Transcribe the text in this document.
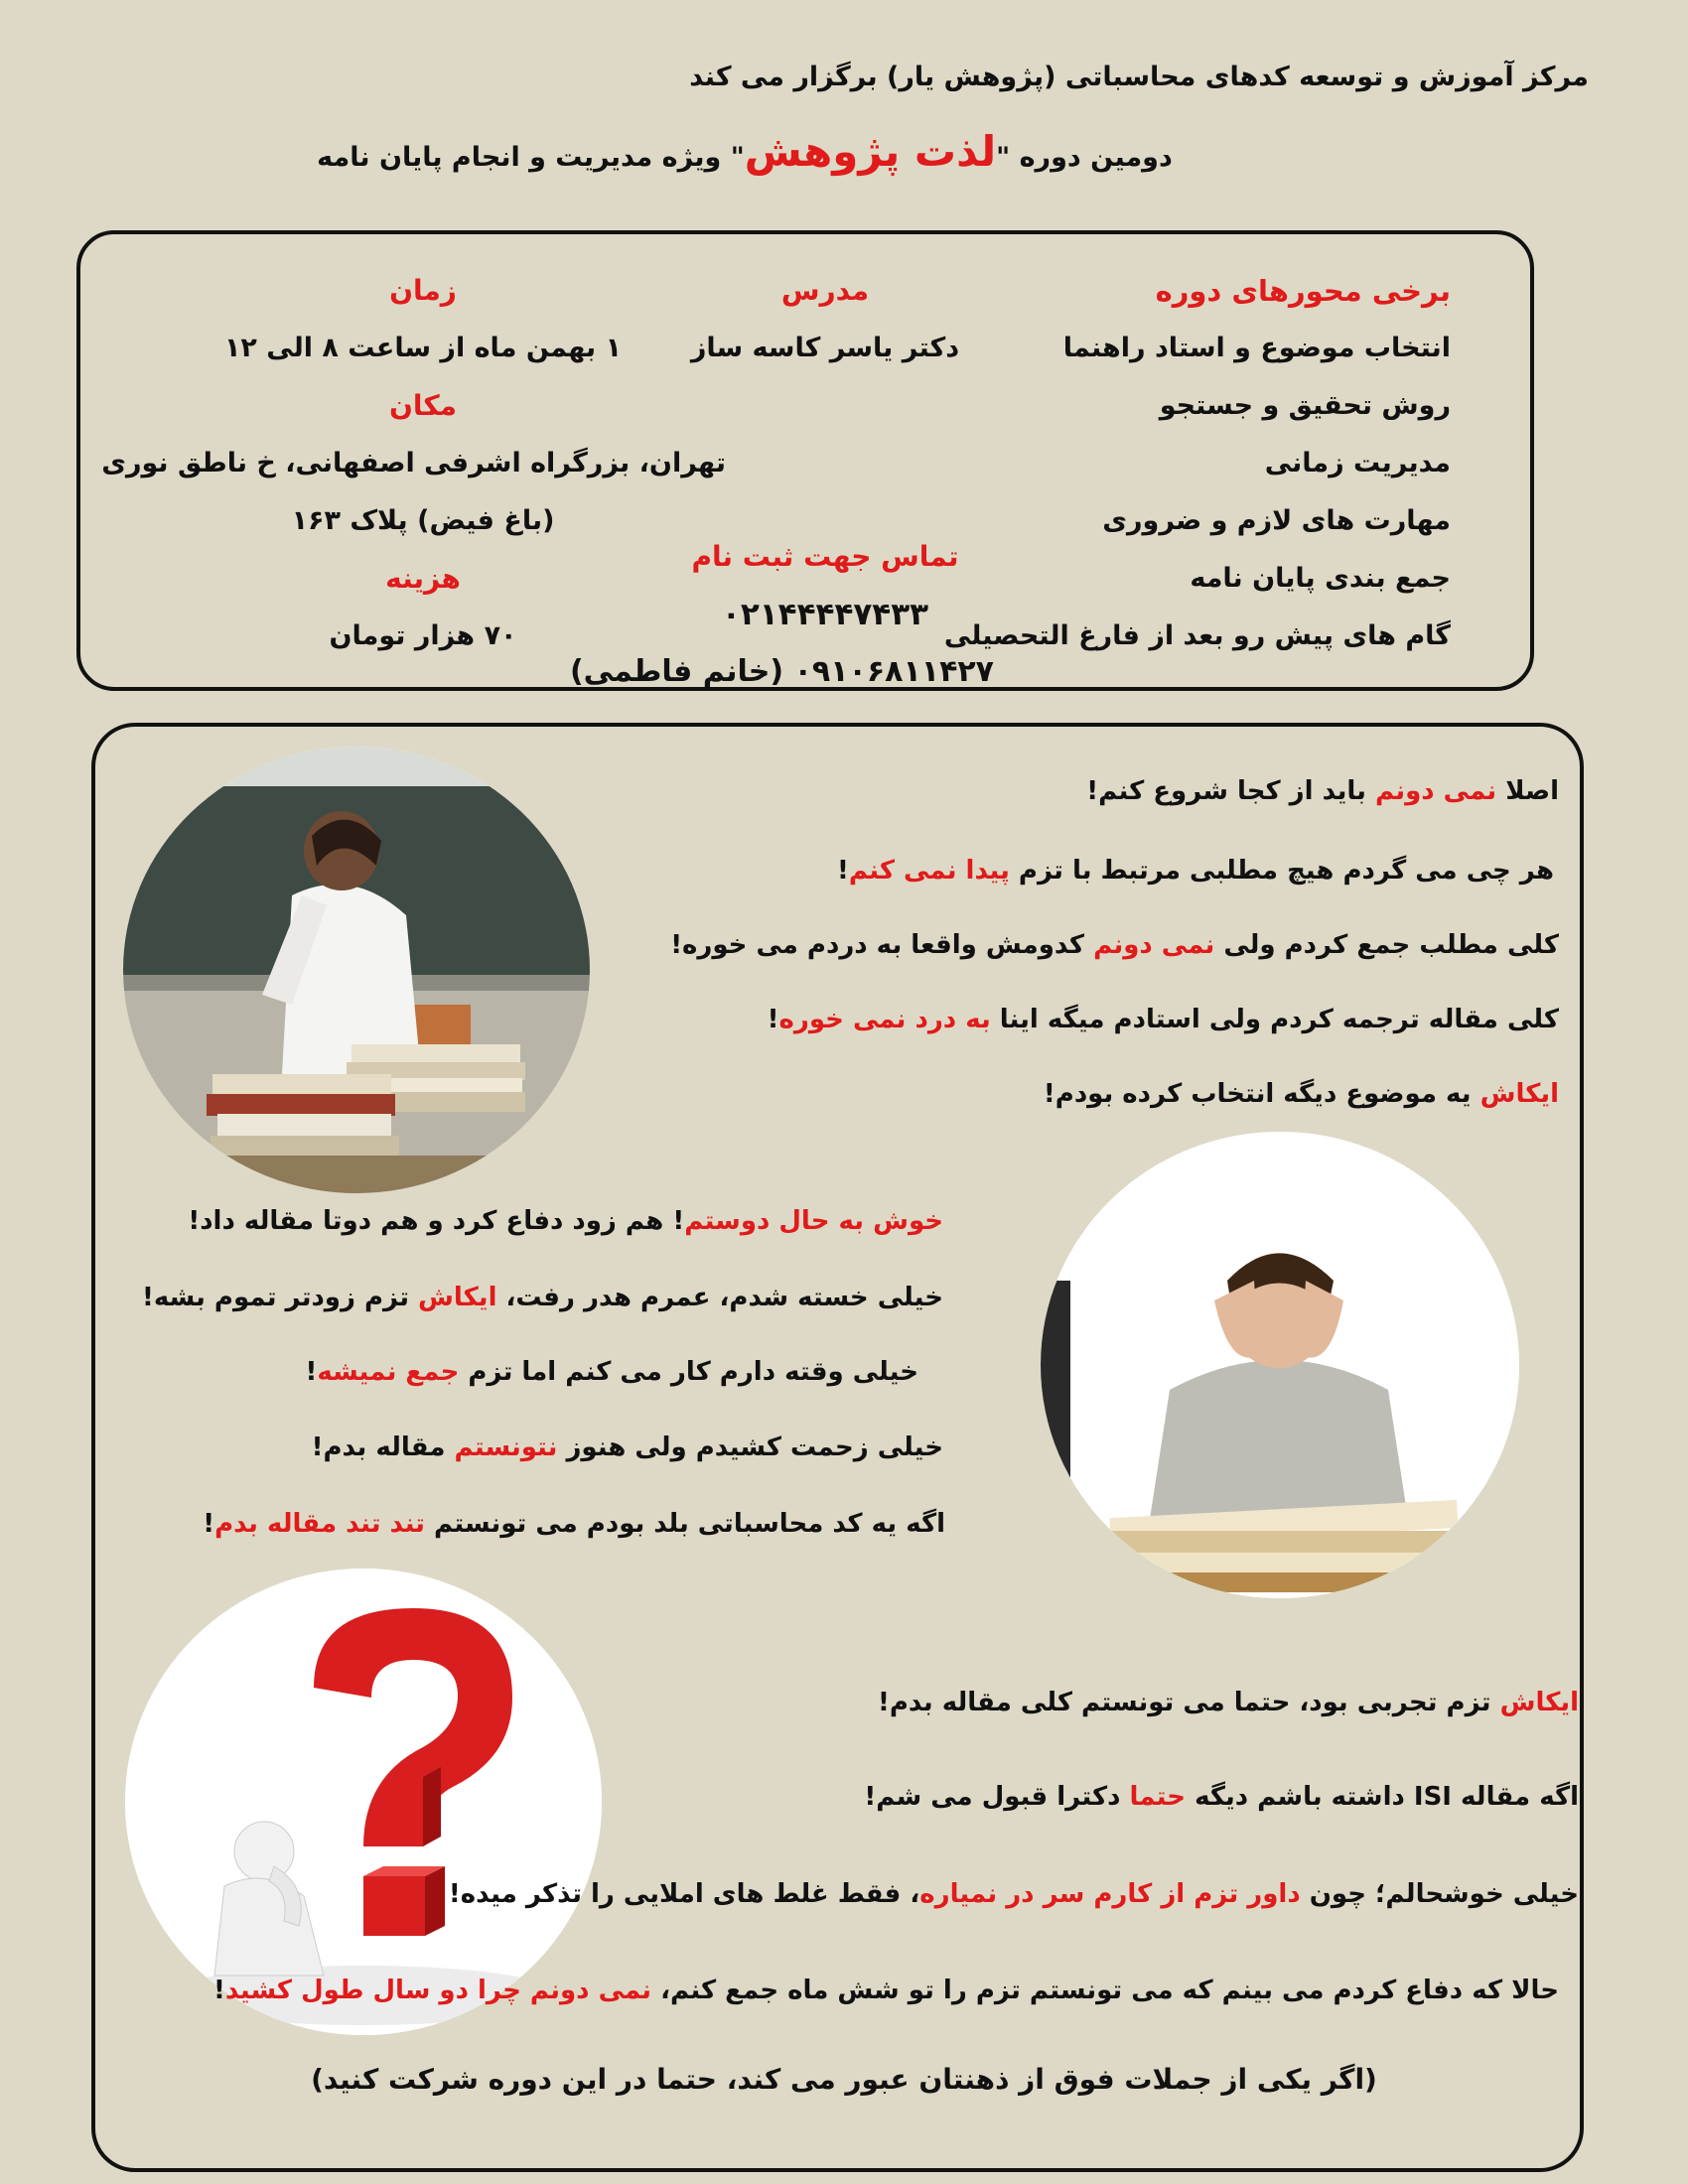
مرکز آموزش و توسعه کدهای محاسباتی (پژوهش یار) برگزار می کند
دومین دوره "لذت پژوهش" ویژه مدیریت و انجام پایان نامه
برخی محورهای دوره
انتخاب موضوع و استاد راهنما
روش تحقیق و جستجو
مدیریت زمانی
مهارت های لازم و ضروری
جمع بندی پایان نامه
گام های پیش رو بعد از فارغ التحصیلی
مدرس
دکتر یاسر کاسه ساز
تماس جهت ثبت نام
۰۲۱۴۴۴۴۷۴۳۳
۰۹۱۰۶۸۱۱۴۲۷ (خانم فاطمی)
زمان
۱ بهمن ماه از ساعت ۸ الی ۱۲
مکان
تهران، بزرگراه اشرفی اصفهانی، خ ناطق نوری
(باغ فیض) پلاک ۱۶۳
هزینه
۷۰ هزار تومان
اصلا نمی دونم باید از کجا شروع کنم!
هر چی می گردم هیچ مطلبی مرتبط با تزم پیدا نمی کنم!
کلی مطلب جمع کردم ولی نمی دونم کدومش واقعا به دردم می خوره!
کلی مقاله ترجمه کردم ولی استادم میگه اینا به درد نمی خوره!
ایکاش یه موضوع دیگه انتخاب کرده بودم!
خوش به حال دوستم! هم زود دفاع کرد و هم دوتا مقاله داد!
خیلی خسته شدم، عمرم هدر رفت، ایکاش تزم زودتر تموم بشه!
خیلی وقته دارم کار می کنم اما تزم جمع نمیشه!
خیلی زحمت کشیدم ولی هنوز نتونستم مقاله بدم!
اگه یه کد محاسباتی بلد بودم می تونستم تند تند مقاله بدم!
ایکاش تزم تجربی بود، حتما می تونستم کلی مقاله بدم!
اگه مقاله ISI داشته باشم دیگه حتما دکترا قبول می شم!
خیلی خوشحالم؛ چون داور تزم از کارم سر در نمیاره، فقط غلط های املایی را تذکر میده!
حالا که دفاع کردم می بینم که می تونستم تزم را تو شش ماه جمع کنم، نمی دونم چرا دو سال طول کشید!
(اگر یکی از جملات فوق از ذهنتان عبور می کند، حتما در این دوره شرکت کنید)
